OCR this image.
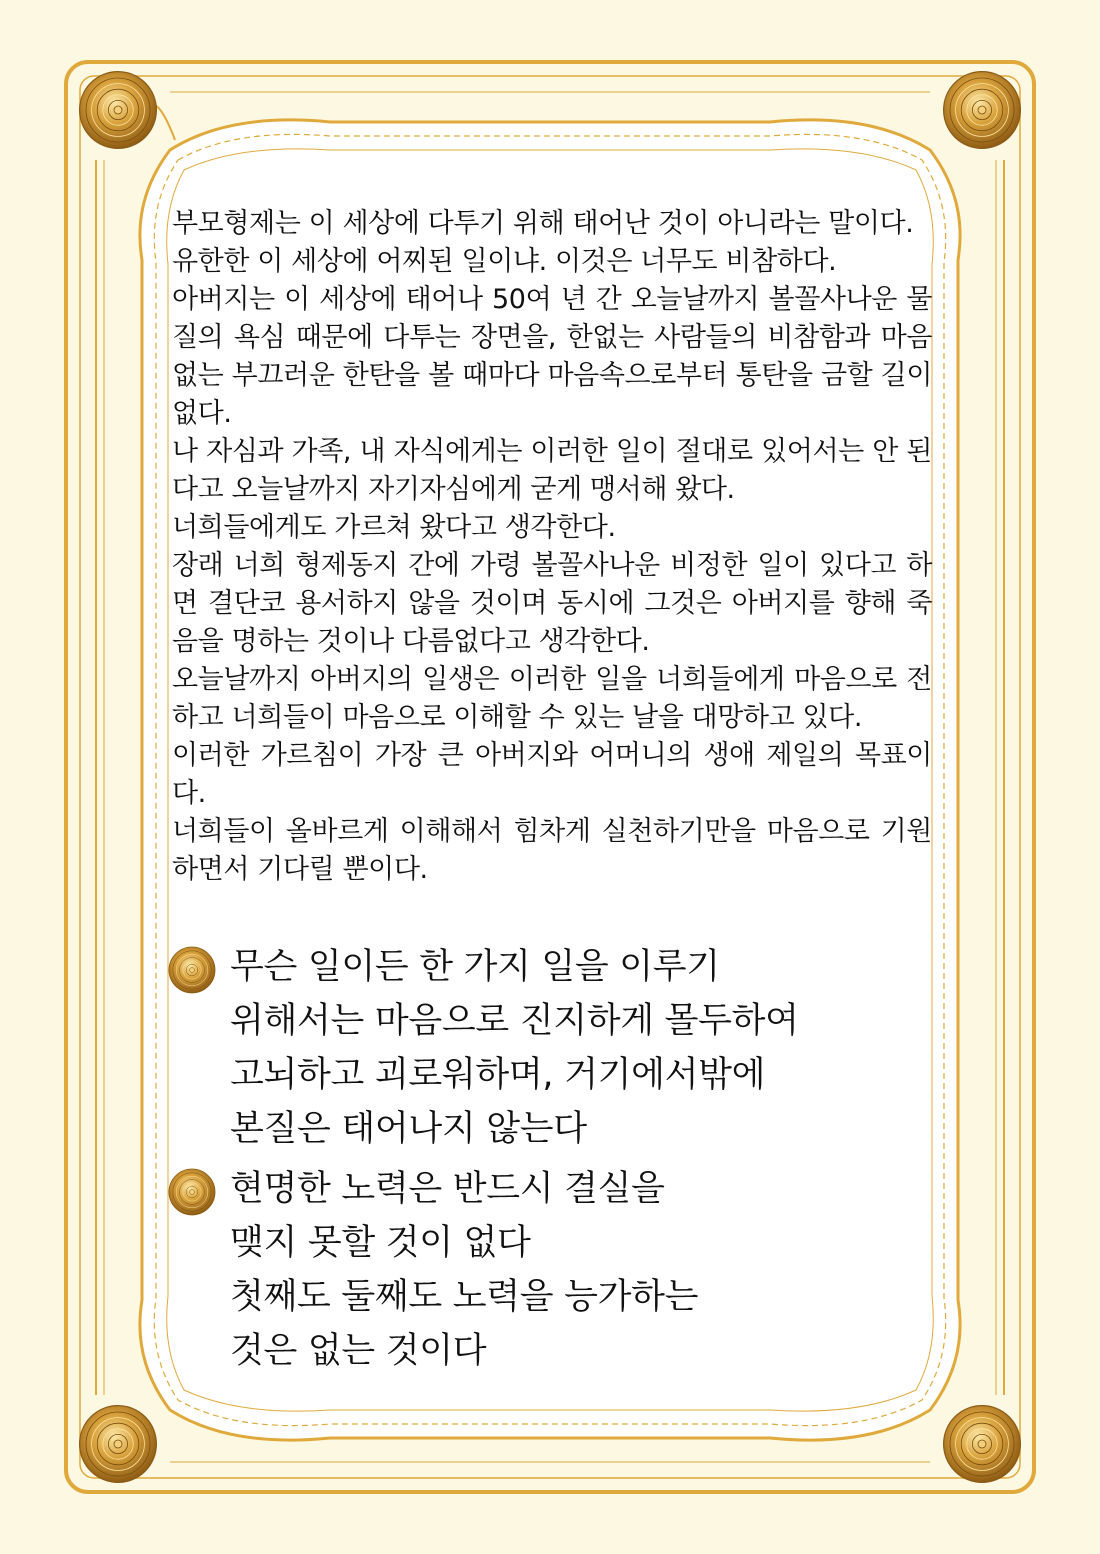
부모형제는 이 세상에 다투기 위해 태어난 것이 아니라는 말이다.

유한한 이 세상에 어찌된 일이냐. 이것은 너무도 비참하다.

아버지는 이 세상에 태어나 50여 년 간 오늘날까지 볼꼴사나운 물질의 욕심 때문에 다투는 장면을, 한없는 사람들의 비참함과 마음 없는 부끄러운 한탄을 볼 때마다 마음속으로부터 통탄을 금할 길이 없다.

나 자심과 가족, 내 자식에게는 이러한 일이 절대로 있어서는 안 된다고 오늘날까지 자기자심에게 굳게 맹서해 왔다.

너희들에게도 가르쳐 왔다고 생각한다.

장래 너희 형제동지 간에 가령 볼꼴사나운 비정한 일이 있다고 하면 결단코 용서하지 않을 것이며 동시에 그것은 아버지를 향해 죽음을 명하는 것이나 다름없다고 생각한다.

오늘날까지 아버지의 일생은 이러한 일을 너희들에게 마음으로 전하고 너희들이 마음으로 이해할 수 있는 날을 대망하고 있다.

이러한 가르침이 가장 큰 아버지와 어머니의 생애 제일의 목표이다.

너희들이 올바르게 이해해서 힘차게 실천하기만을 마음으로 기원하면서 기다릴 뿐이다.

무슨 일이든 한 가지 일을 이루기
위해서는 마음으로 진지하게 몰두하여
고뇌하고 괴로워하며, 거기에서밖에
본질은 태어나지 않는다
현명한 노력은 반드시 결실을
맺지 못할 것이 없다
첫째도 둘째도 노력을 능가하는
것은 없는 것이다
